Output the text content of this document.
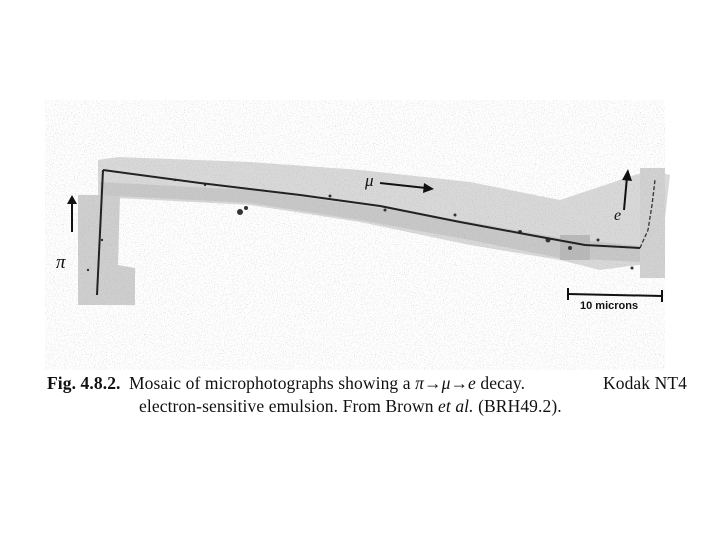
π
μ
e
10 microns
Fig. 4.8.2. Mosaic of microphotographs showing a π→μ→e decay.	Kodak NT4
electron-sensitive emulsion. From Brown et al. (BRH49.2).
